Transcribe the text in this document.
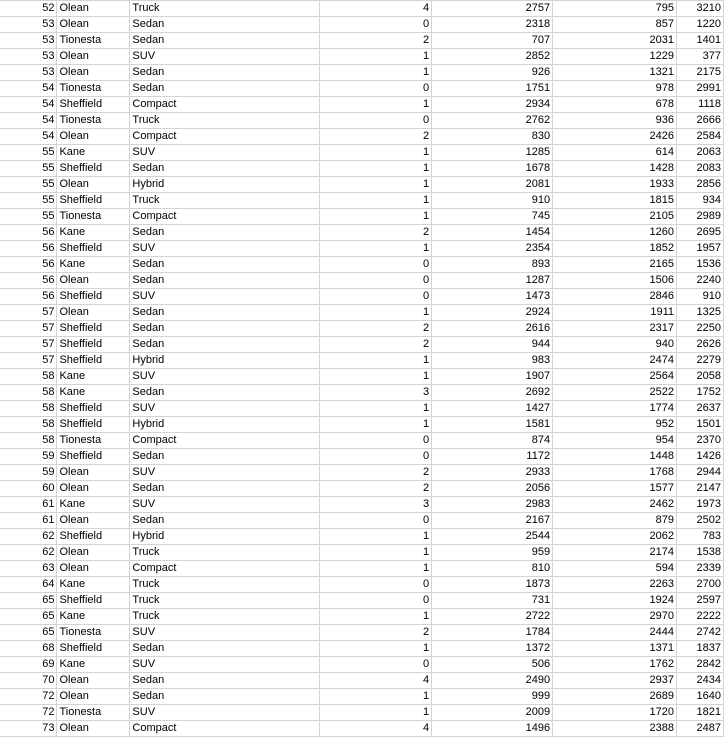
52	Olean	Truck	4	2757	795	3210
53	Olean	Sedan	0	2318	857	1220
53	Tionesta	Sedan	2	707	2031	1401
53	Olean	SUV	1	2852	1229	377
53	Olean	Sedan	1	926	1321	2175
54	Tionesta	Sedan	0	1751	978	2991
54	Sheffield	Compact	1	2934	678	1118
54	Tionesta	Truck	0	2762	936	2666
54	Olean	Compact	2	830	2426	2584
55	Kane	SUV	1	1285	614	2063
55	Sheffield	Sedan	1	1678	1428	2083
55	Olean	Hybrid	1	2081	1933	2856
55	Sheffield	Truck	1	910	1815	934
55	Tionesta	Compact	1	745	2105	2989
56	Kane	Sedan	2	1454	1260	2695
56	Sheffield	SUV	1	2354	1852	1957
56	Kane	Sedan	0	893	2165	1536
56	Olean	Sedan	0	1287	1506	2240
56	Sheffield	SUV	0	1473	2846	910
57	Olean	Sedan	1	2924	1911	1325
57	Sheffield	Sedan	2	2616	2317	2250
57	Sheffield	Sedan	2	944	940	2626
57	Sheffield	Hybrid	1	983	2474	2279
58	Kane	SUV	1	1907	2564	2058
58	Kane	Sedan	3	2692	2522	1752
58	Sheffield	SUV	1	1427	1774	2637
58	Sheffield	Hybrid	1	1581	952	1501
58	Tionesta	Compact	0	874	954	2370
59	Sheffield	Sedan	0	1172	1448	1426
59	Olean	SUV	2	2933	1768	2944
60	Olean	Sedan	2	2056	1577	2147
61	Kane	SUV	3	2983	2462	1973
61	Olean	Sedan	0	2167	879	2502
62	Sheffield	Hybrid	1	2544	2062	783
62	Olean	Truck	1	959	2174	1538
63	Olean	Compact	1	810	594	2339
64	Kane	Truck	0	1873	2263	2700
65	Sheffield	Truck	0	731	1924	2597
65	Kane	Truck	1	2722	2970	2222
65	Tionesta	SUV	2	1784	2444	2742
68	Sheffield	Sedan	1	1372	1371	1837
69	Kane	SUV	0	506	1762	2842
70	Olean	Sedan	4	2490	2937	2434
72	Olean	Sedan	1	999	2689	1640
72	Tionesta	SUV	1	2009	1720	1821
73	Olean	Compact	4	1496	2388	2487
